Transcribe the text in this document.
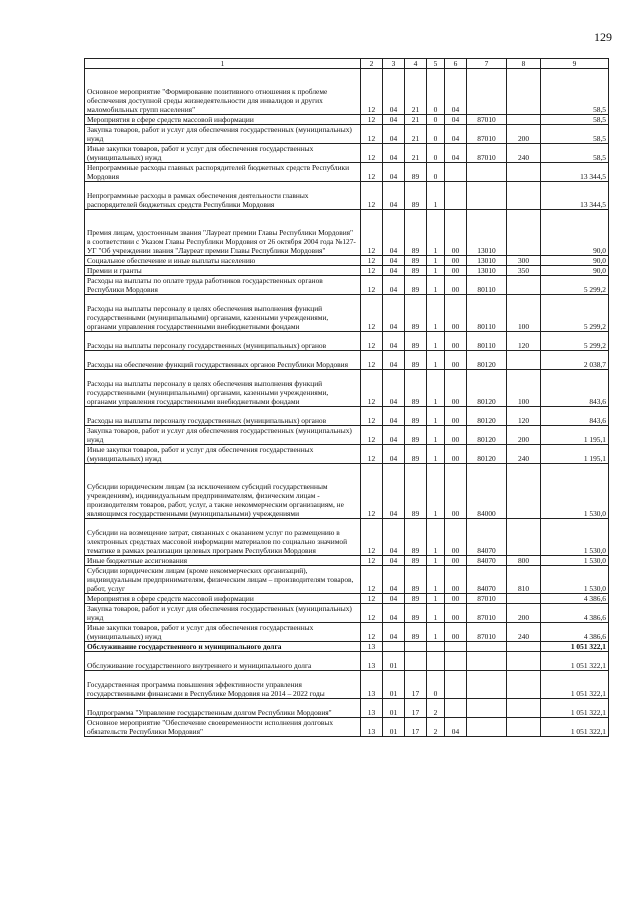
129
1	2	3	4	5	6	7	8	9
Основное мероприятие "Формирование позитивного отношения к проблеме обеспечения доступной среды жизнедеятельности для инвалидов и других маломобильных групп населения"	12	04	21	0	04			58,5
Мероприятия в сфере средств массовой информации	12	04	21	0	04	87010		58,5
Закупка товаров, работ и услуг для обеспечения государственных (муниципальных) нужд	12	04	21	0	04	87010	200	58,5
Иные закупки товаров, работ и услуг для обеспечения государственных (муниципальных) нужд	12	04	21	0	04	87010	240	58,5
Непрограммные расходы главных распорядителей бюджетных средств Республики Мордовия	12	04	89	0				13 344,5
Непрограммные расходы в рамках обеспечения деятельности главных распорядителей бюджетных средств Республики Мордовия	12	04	89	1				13 344,5
Премия лицам, удостоенным звания "Лауреат премии Главы Республики Мордовия" в соответствии с Указом Главы Республики Мордовия от 26 октября 2004 года №127-УГ "Об учреждении звания "Лауреат премии Главы Республики Мордовия"	12	04	89	1	00	13010		90,0
Социальное обеспечение и иные выплаты населению	12	04	89	1	00	13010	300	90,0
Премии и гранты	12	04	89	1	00	13010	350	90,0
Расходы на выплаты по оплате труда работников государственных органов Республики Мордовия	12	04	89	1	00	80110		5 299,2
Расходы на выплаты персоналу в целях обеспечения выполнения функций государственными (муниципальными) органами, казенными учреждениями, органами управления государственными внебюджетными фондами	12	04	89	1	00	80110	100	5 299,2
Расходы на выплаты персоналу государственных (муниципальных) органов	12	04	89	1	00	80110	120	5 299,2
Расходы на обеспечение функций государственных органов Республики Мордовия	12	04	89	1	00	80120		2 038,7
Расходы на выплаты персоналу в целях обеспечения выполнения функций государственными (муниципальными) органами, казенными учреждениями, органами управления государственными внебюджетными фондами	12	04	89	1	00	80120	100	843,6
Расходы на выплаты персоналу государственных (муниципальных) органов	12	04	89	1	00	80120	120	843,6
Закупка товаров, работ и услуг для обеспечения государственных (муниципальных) нужд	12	04	89	1	00	80120	200	1 195,1
Иные закупки товаров, работ и услуг для обеспечения государственных (муниципальных) нужд	12	04	89	1	00	80120	240	1 195,1
Субсидии юридическим лицам (за исключением субсидий государственным учреждениям), индивидуальным предпринимателям, физическим лицам - производителям товаров, работ, услуг, а также некоммерческим организациям, не являющимся государственными (муниципальными) учреждениями	12	04	89	1	00	84000		1 530,0
Субсидии на возмещение затрат, связанных с оказанием услуг по размещению в электронных средствах массовой информации материалов по социально значимой тематике в рамках реализации целевых программ Республики Мордовия	12	04	89	1	00	84070		1 530,0
Иные бюджетные ассигнования	12	04	89	1	00	84070	800	1 530,0
Субсидии юридическим лицам (кроме некоммерческих организаций), индивидуальным предпринимателям, физическим лицам – производителям товаров, работ, услуг	12	04	89	1	00	84070	810	1 530,0
Мероприятия в сфере средств массовой информации	12	04	89	1	00	87010		4 386,6
Закупка товаров, работ и услуг для обеспечения государственных (муниципальных) нужд	12	04	89	1	00	87010	200	4 386,6
Иные закупки товаров, работ и услуг для обеспечения государственных (муниципальных) нужд	12	04	89	1	00	87010	240	4 386,6
Обслуживание государственного и муниципального долга	13							1 051 322,1
Обслуживание государственного внутреннего и муниципального долга	13	01						1 051 322,1
Государственная программа повышения эффективности управления государственными финансами в Республике Мордовия на 2014 – 2022 годы	13	01	17	0				1 051 322,1
Подпрограмма "Управление государственным долгом Республики Мордовия"	13	01	17	2				1 051 322,1
Основное мероприятие "Обеспечение своевременности исполнения долговых обязательств Республики Мордовия"	13	01	17	2	04			1 051 322,1
